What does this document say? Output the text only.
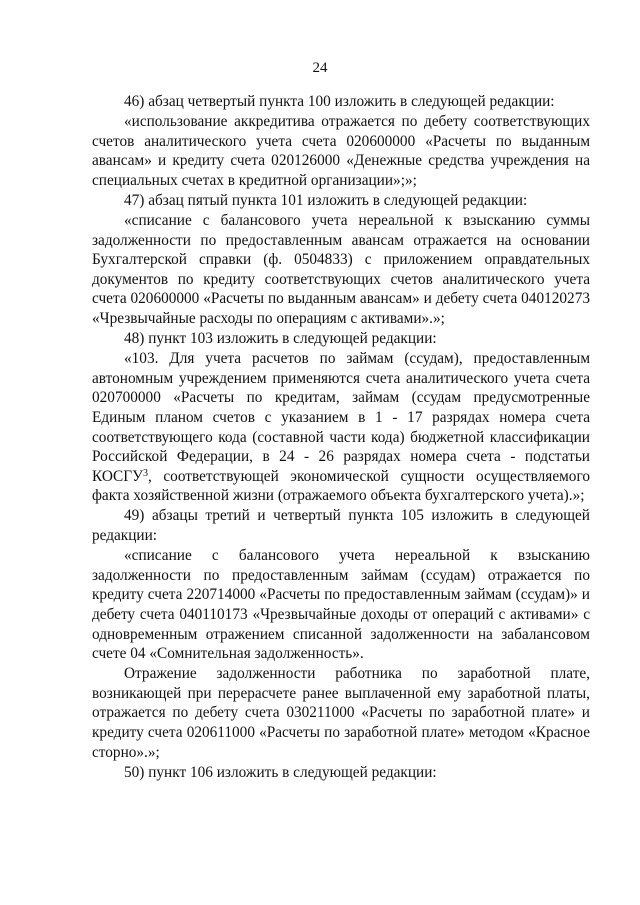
24

46) абзац четвертый пункта 100 изложить в следующей редакции:

«использование аккредитива отражается по дебету соответствующих счетов аналитического учета счета 020600000 «Расчеты по выданным авансам» и кредиту счета 020126000 «Денежные средства учреждения на специальных счетах в кредитной организации»;»;

47) абзац пятый пункта 101 изложить в следующей редакции:

«списание с балансового учета нереальной к взысканию суммы задолженности по предоставленным авансам отражается на основании Бухгалтерской справки (ф. 0504833) с приложением оправдательных документов по кредиту соответствующих счетов аналитического учета счета 020600000 «Расчеты по выданным авансам» и дебету счета 040120273 «Чрезвычайные расходы по операциям с активами».»;

48) пункт 103 изложить в следующей редакции:

«103. Для учета расчетов по займам (ссудам), предоставленным автономным учреждением применяются счета аналитического учета счета 020700000 «Расчеты по кредитам, займам (ссудам предусмотренные Единым планом счетов с указанием в 1 - 17 разрядах номера счета соответствующего кода (составной части кода) бюджетной классификации Российской Федерации, в 24 - 26 разрядах номера счета - подстатьи КОСГУ$^3$, соответствующей экономической сущности осуществляемого факта хозяйственной жизни (отражаемого объекта бухгалтерского учета).»;

49) абзацы третий и четвертый пункта 105 изложить в следующей редакции:

«списание с балансового учета нереальной к взысканию задолженности по предоставленным займам (ссудам) отражается по кредиту счета 220714000 «Расчеты по предоставленным займам (ссудам)» и дебету счета 040110173 «Чрезвычайные доходы от операций с активами» с одновременным отражением списанной задолженности на забалансовом счете 04 «Сомнительная задолженность».

Отражение задолженности работника по заработной плате, возникающей при перерасчете ранее выплаченной ему заработной платы, отражается по дебету счета 030211000 «Расчеты по заработной плате» и кредиту счета 020611000 «Расчеты по заработной плате» методом «Красное сторно».»;

50) пункт 106 изложить в следующей редакции:
